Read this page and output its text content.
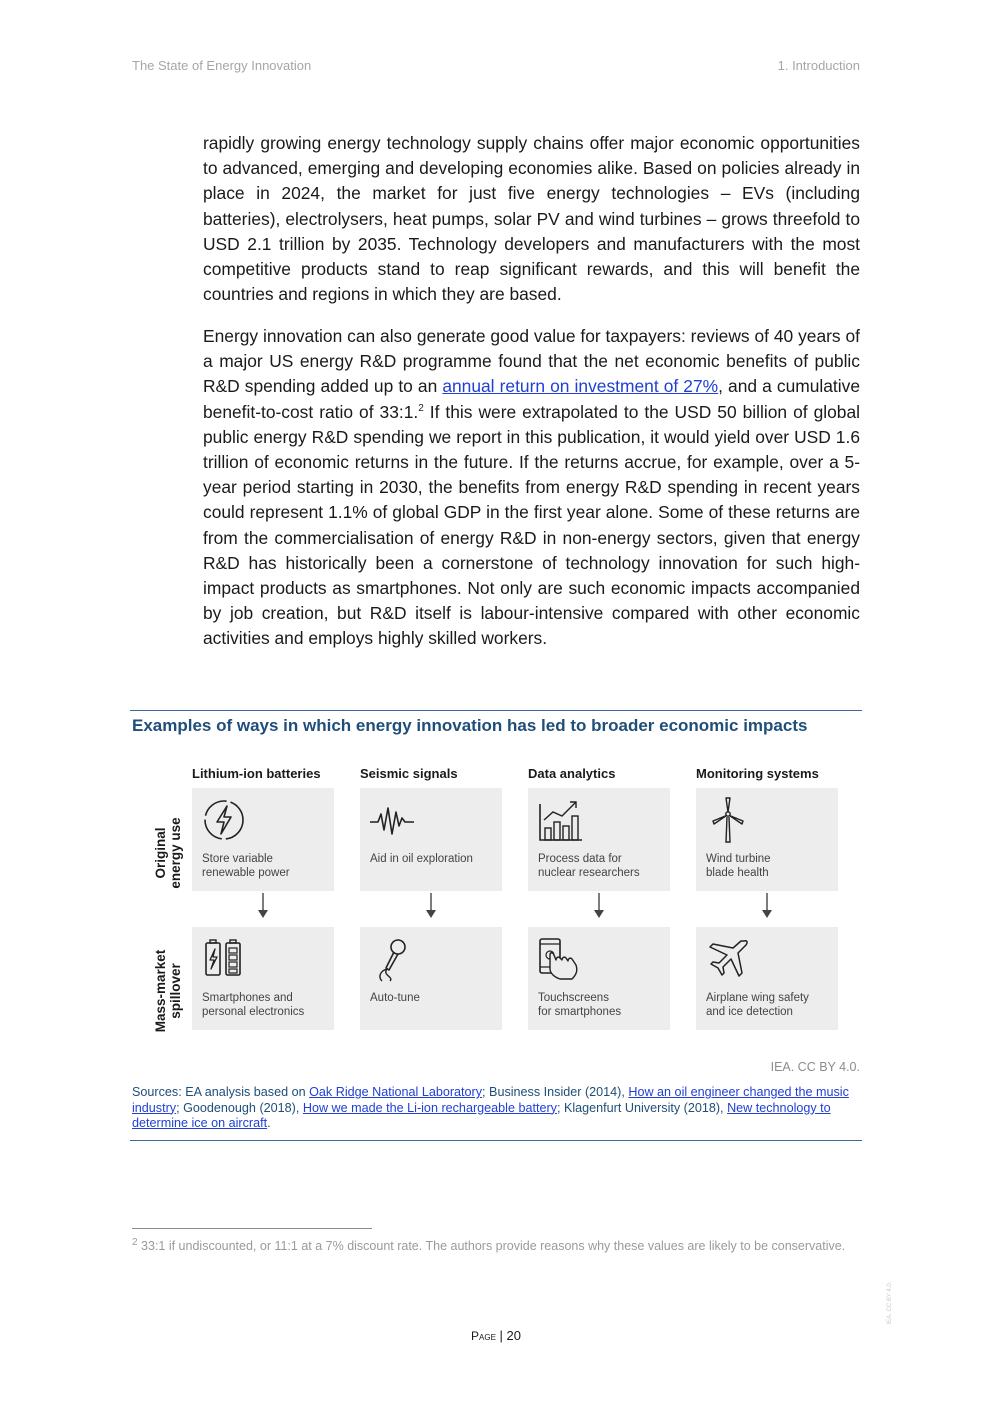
The State of Energy Innovation	1. Introduction

rapidly growing energy technology supply chains offer major economic opportunities to advanced, emerging and developing economies alike. Based on policies already in place in 2024, the market for just five energy technologies – EVs (including batteries), electrolysers, heat pumps, solar PV and wind turbines – grows threefold to USD 2.1 trillion by 2035. Technology developers and manufacturers with the most competitive products stand to reap significant rewards, and this will benefit the countries and regions in which they are based.

Energy innovation can also generate good value for taxpayers: reviews of 40 years of a major US energy R&D programme found that the net economic benefits of public R&D spending added up to an annual return on investment of 27%, and a cumulative benefit-to-cost ratio of 33:1.$^2$ If this were extrapolated to the USD 50 billion of global public energy R&D spending we report in this publication, it would yield over USD 1.6 trillion of economic returns in the future. If the returns accrue, for example, over a 5-year period starting in 2030, the benefits from energy R&D spending in recent years could represent 1.1% of global GDP in the first year alone. Some of these returns are from the commercialisation of energy R&D in non-energy sectors, given that energy R&D has historically been a cornerstone of technology innovation for such high-impact products as smartphones. Not only are such economic impacts accompanied by job creation, but R&D itself is labour-intensive compared with other economic activities and employs highly skilled workers.

Examples of ways in which energy innovation has led to broader economic impacts
Lithium-ion batteries	Seismic signals	Data analytics	Monitoring systems
Original
energy use
Mass-market
spillover
Store variable
renewable power
Aid in oil exploration	Process data for
nuclear researchers
Wind turbine
blade health
Smartphones and
personal electronics
Auto-tune	Touchscreens
for smartphones
Airplane wing safety
and ice detection
IEA. CC BY 4.0.
Sources: EA analysis based on Oak Ridge National Laboratory; Business Insider (2014), How an oil engineer changed the music industry; Goodenough (2018), How we made the Li-ion rechargeable battery; Klagenfurt University (2018), New technology to determine ice on aircraft.
$^2$ 33:1 if undiscounted, or 11:1 at a 7% discount rate. The authors provide reasons why these values are likely to be conservative.
Page | 20
IEA. CC BY 4.0.
